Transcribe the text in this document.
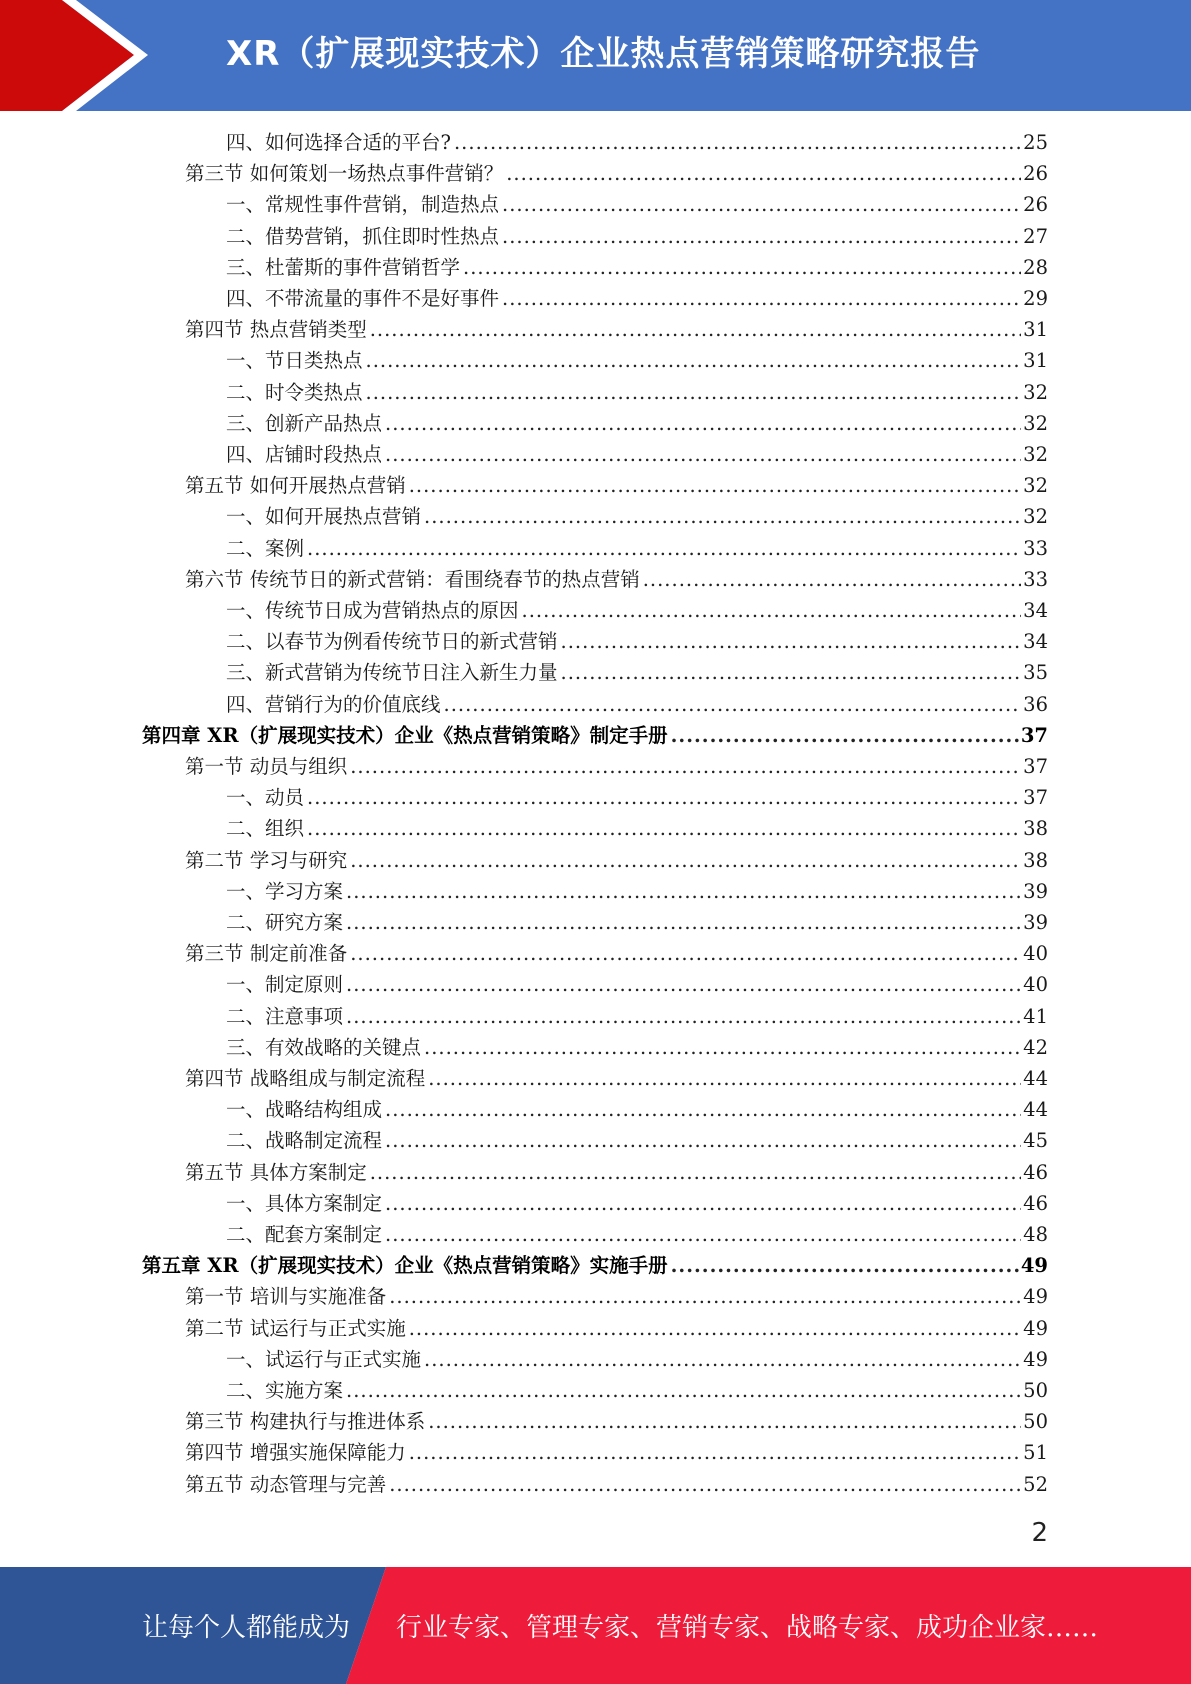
XR（扩展现实技术）企业热点营销策略研究报告
四、如何选择合适的平台? .....	25
第三节 如何策划一场热点事件营销？ .....	26
一、常规性事件营销，制造热点 .....	26
二、借势营销，抓住即时性热点 .....	27
三、杜蕾斯的事件营销哲学 .....	28
四、不带流量的事件不是好事件 .....	29
第四节 热点营销类型 .....	31
一、节日类热点 .....	31
二、时令类热点 .....	32
三、创新产品热点 .....	32
四、店铺时段热点 .....	32
第五节 如何开展热点营销 .....	32
一、如何开展热点营销 .....	32
二、案例 .....	33
第六节 传统节日的新式营销：看围绕春节的热点营销 .....	33
一、传统节日成为营销热点的原因 .....	34
二、以春节为例看传统节日的新式营销 .....	34
三、新式营销为传统节日注入新生力量 .....	35
四、营销行为的价值底线 .....	36
第四章 XR（扩展现实技术）企业《热点营销策略》制定手册 .....	37
第一节 动员与组织 .....	37
一、动员 .....	37
二、组织 .....	38
第二节 学习与研究 .....	38
一、学习方案 .....	39
二、研究方案 .....	39
第三节 制定前准备 .....	40
一、制定原则 .....	40
二、注意事项 .....	41
三、有效战略的关键点 .....	42
第四节 战略组成与制定流程 .....	44
一、战略结构组成 .....	44
二、战略制定流程 .....	45
第五节 具体方案制定 .....	46
一、具体方案制定 .....	46
二、配套方案制定 .....	48
第五章 XR（扩展现实技术）企业《热点营销策略》实施手册 .....	49
第一节 培训与实施准备 .....	49
第二节 试运行与正式实施 .....	49
一、试运行与正式实施 .....	49
二、实施方案 .....	50
第三节 构建执行与推进体系 .....	50
第四节 增强实施保障能力 .....	51
第五节 动态管理与完善 .....	52
2
让每个人都能成为 行业专家、管理专家、营销专家、战略专家、成功企业家……
